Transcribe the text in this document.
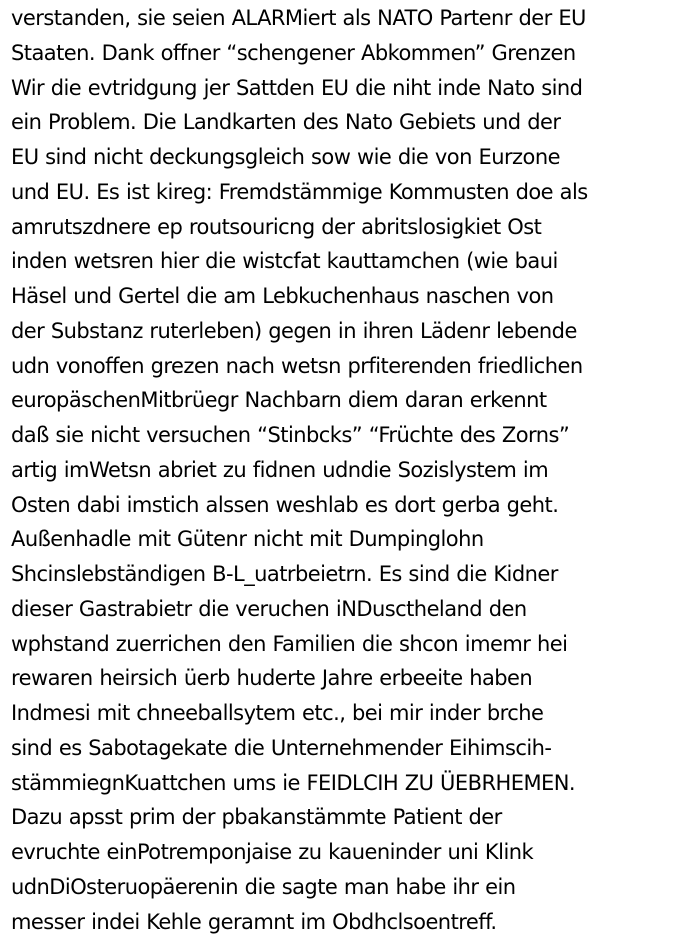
verstanden, sie seien ALARMiert als NATO Partenr der EU
Staaten. Dank offner “schengener Abkommen” Grenzen
Wir die evtridgung jer Sattden EU die niht inde Nato sind
ein Problem. Die Landkarten des Nato Gebiets und der
EU sind nicht deckungsgleich sow wie die von Eurzone
und EU. Es ist kireg: Fremdstämmige Kommusten doe als
amrutszdnere ep routsouricng der abritslosigkiet Ost
inden wetsren hier die wistcfat kauttamchen (wie baui
Häsel und Gertel die am Lebkuchenhaus naschen von
der Substanz ruterleben) gegen in ihren Lädenr lebende
udn vonoffen grezen nach wetsn prfiterenden friedlichen
europäschenMitbrüegr Nachbarn diem daran erkennt
daß sie nicht versuchen “Stinbcks” “Früchte des Zorns”
artig imWetsn abriet zu fidnen udndie Sozislystem im
Osten dabi imstich alssen weshlab es dort gerba geht.
Außenhadle mit Gütenr nicht mit Dumpinglohn
Shcinslebständigen B-L_uatrbeietrn. Es sind die Kidner
dieser Gastrabietr die veruchen iNDuscthеland den
wphstand zuerrichen den Familien die shcon imemr hei
rewaren heirsich üerb huderte Jahre erbeeite haben
Indmesi mit chneeballsytem etc., bei mir inder brche
sind es Sabotagekate die Unternehmender Eihimscih-
stämmiegnKuattchen ums ie FEIDLCIH ZU ÜEBRHEMEN.
Dazu apsst prim der pbakanstämmte Patient der
evruchte einPotremponjaise zu kaueninder uni Klink
udnDiOsteruopäerenin die sagte man habe ihr ein
messer indei Kehle geramnt im Obdhclsoentreff.
